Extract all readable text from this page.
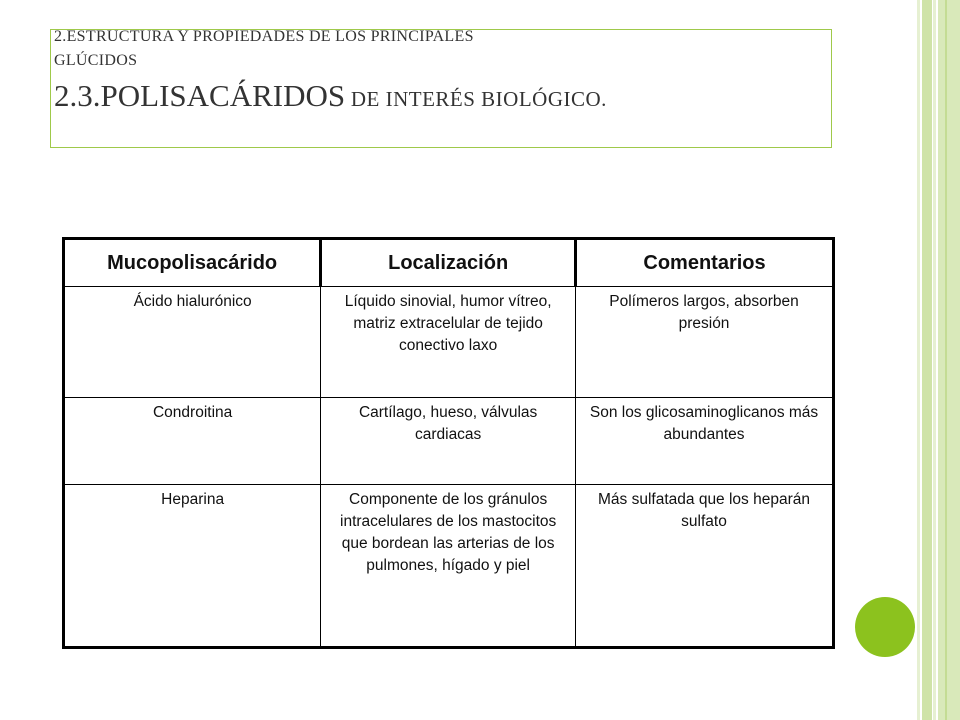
2.ESTRUCTURA Y PROPIEDADES DE LOS PRINCIPALES
GLÚCIDOS
2.3.POLISACÁRIDOS DE INTERÉS BIOLÓGICO.
Mucopolisacárido	Localización	Comentarios
Ácido hialurónico	Líquido sinovial, humor vítreo, matriz extracelular de tejido conectivo laxo	Polímeros largos, absorben presión
Condroitina	Cartílago, hueso, válvulas cardiacas	Son los glicosaminoglicanos más abundantes
Heparina	Componente de los gránulos intracelulares de los mastocitos que bordean las arterias de los pulmones, hígado y piel	Más sulfatada que los heparán sulfato
